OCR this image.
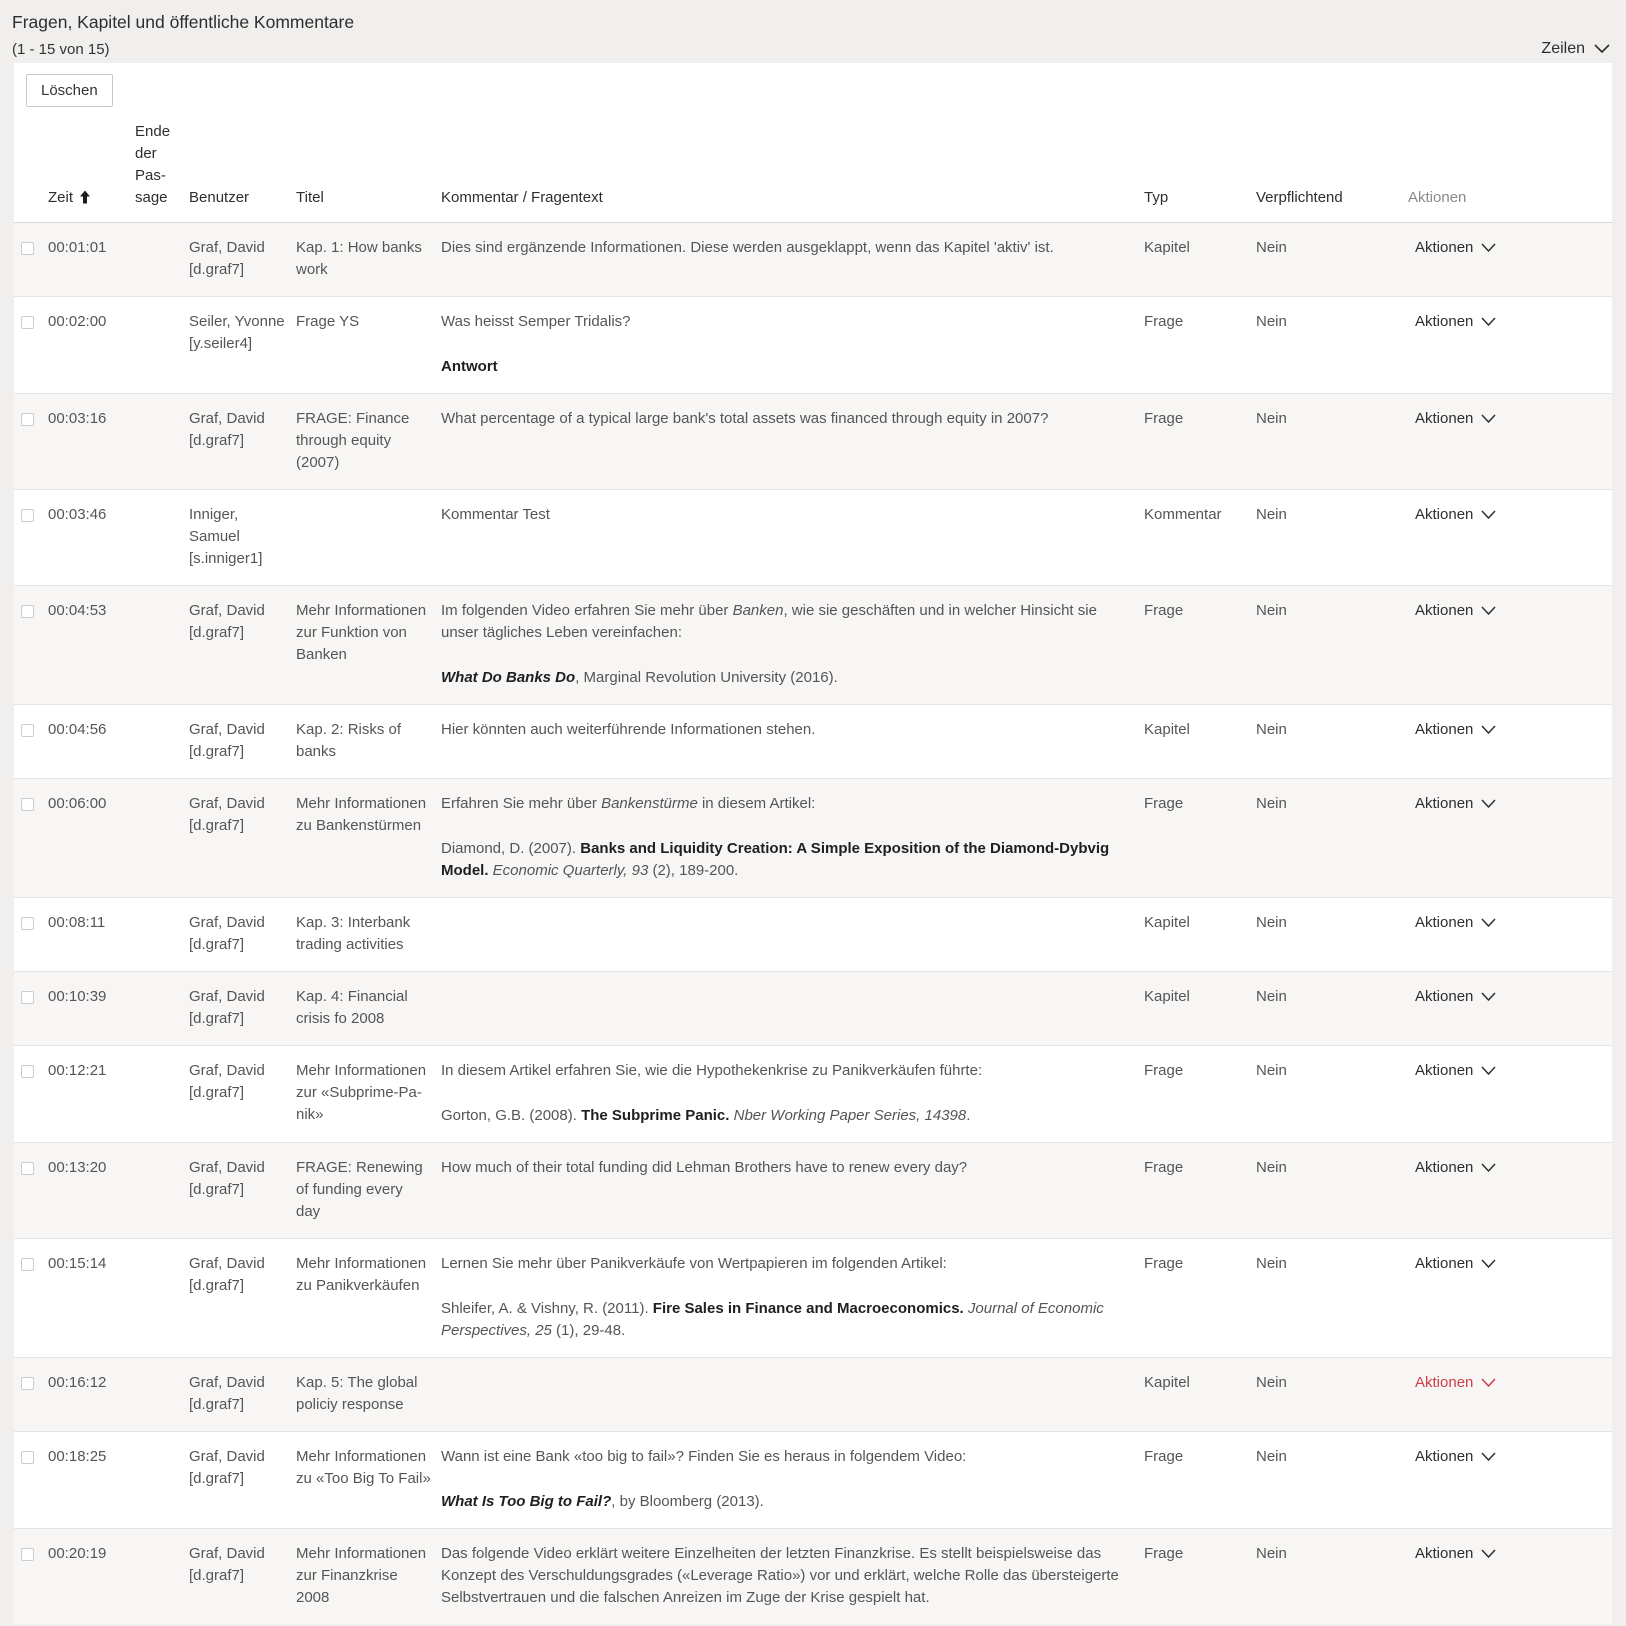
Fragen, Kapitel und öffentliche Kommentare
(1 - 15 von 15)	Zeilen
Löschen

	Zeit	Ende der Passage	Benutzer	Titel	Kommentar / Fragentext	Typ	Verpflichtend	Aktionen
	00:01:01		Graf, David [d.graf7]	Kap. 1: How banks work	Dies sind ergänzende Informationen. Diese werden ausgeklappt, wenn das Kapitel 'aktiv' ist.	Kapitel	Nein	Aktionen

	00:02:00		Seiler, Yvonne [y.seiler4]	Frage YS	Was heisst Semper Tridalis?

Antwort	Frage	Nein	Aktionen

	00:03:16		Graf, David [d.graf7]	FRAGE: Finance through equity (2007)	What percentage of a typical large bank's total assets was financed through equity in 2007?	Frage	Nein	Aktionen

	00:03:46		Inniger, Samuel [s.inniger1]		Kommentar Test	Kommentar	Nein	Aktionen

	00:04:53		Graf, David [d.graf7]	Mehr Informationen zur Funktion von Banken	Im folgenden Video erfahren Sie mehr über Banken, wie sie geschäften und in welcher Hinsicht sie unser tägliches Leben vereinfachen:

What Do Banks Do, Marginal Revolution University (2016).	Frage	Nein	Aktionen

	00:04:56		Graf, David [d.graf7]	Kap. 2: Risks of banks	Hier könnten auch weiterführende Informationen stehen.	Kapitel	Nein	Aktionen

	00:06:00		Graf, David [d.graf7]	Mehr Informationen zu Bankenstürmen	Erfahren Sie mehr über Bankenstürme in diesem Artikel:

Diamond, D. (2007). Banks and Liquidity Creation: A Simple Exposition of the Diamond-Dybvig Model. Economic Quarterly, 93 (2), 189-200.	Frage	Nein	Aktionen

	00:08:11		Graf, David [d.graf7]	Kap. 3: Interbank trading activities		Kapitel	Nein	Aktionen

	00:10:39		Graf, David [d.graf7]	Kap. 4: Financial crisis fo 2008		Kapitel	Nein	Aktionen

	00:12:21		Graf, David [d.graf7]	Mehr Informationen zur «Subprime-Panik»	In diesem Artikel erfahren Sie, wie die Hypothekenkrise zu Panikverkäufen führte:

Gorton, G.B. (2008). The Subprime Panic. Nber Working Paper Series, 14398.	Frage	Nein	Aktionen

	00:13:20		Graf, David [d.graf7]	FRAGE: Renewing of funding every day	How much of their total funding did Lehman Brothers have to renew every day?	Frage	Nein	Aktionen

	00:15:14		Graf, David [d.graf7]	Mehr Informationen zu Panikverkäufen	Lernen Sie mehr über Panikverkäufe von Wertpapieren im folgenden Artikel:

Shleifer, A. & Vishny, R. (2011). Fire Sales in Finance and Macroeconomics. Journal of Economic Perspectives, 25 (1), 29-48.	Frage	Nein	Aktionen

	00:16:12		Graf, David [d.graf7]	Kap. 5: The global policiy response		Kapitel	Nein	Aktionen

	00:18:25		Graf, David [d.graf7]	Mehr Informationen zu «Too Big To Fail»	Wann ist eine Bank «too big to fail»? Finden Sie es heraus in folgendem Video:

What Is Too Big to Fail?, by Bloomberg (2013).	Frage	Nein	Aktionen

	00:20:19		Graf, David [d.graf7]	Mehr Informationen zur Finanzkrise 2008	Das folgende Video erklärt weitere Einzelheiten der letzten Finanzkrise. Es stellt beispielsweise das Konzept des Verschuldungsgrades («Leverage Ratio») vor und erklärt, welche Rolle das übersteigerte Selbstvertrauen und die falschen Anreizen im Zuge der Krise gespielt hat.	Frage	Nein	Aktionen
